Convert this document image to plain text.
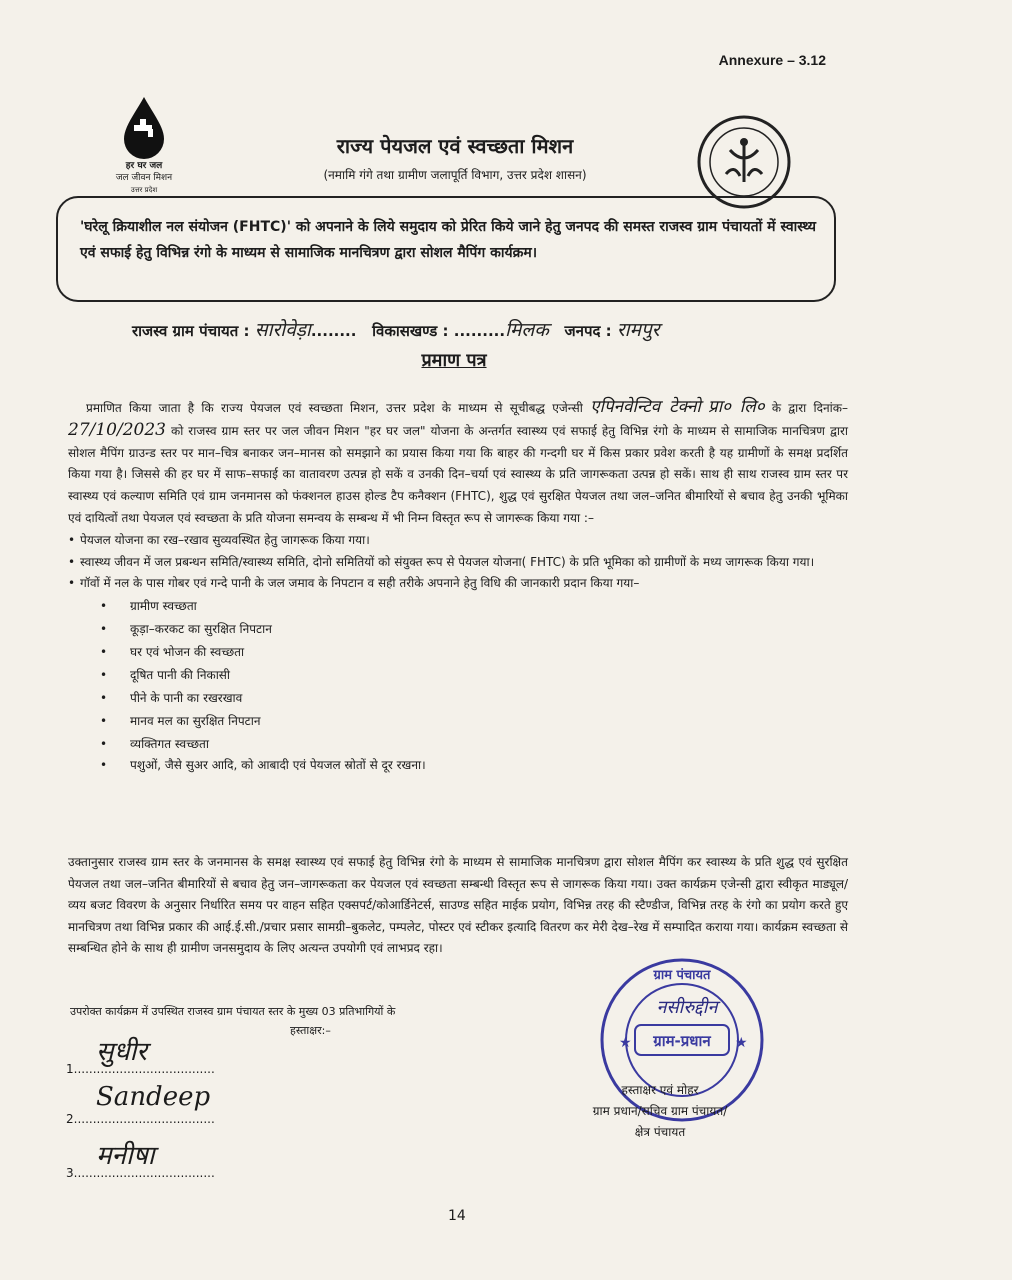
Annexure – 3.12
हर घर जल
जल जीवन मिशन
उत्तर प्रदेश
राज्य पेयजल एवं स्वच्छता मिशन
(नमामि गंगे तथा ग्रामीण जलापूर्ति विभाग, उत्तर प्रदेश शासन)
'घरेलू क्रियाशील नल संयोजन (FHTC)' को अपनाने के लिये समुदाय को प्रेरित किये जाने हेतु जनपद की समस्त राजस्व ग्राम पंचायतों में स्वास्थ्य एवं सफाई हेतु विभिन्न रंगो के माध्यम से सामाजिक मानचित्रण द्वारा सोशल मैपिंग कार्यक्रम।
राजस्व ग्राम पंचायत : सारोवेड़ा........ विकासखण्ड : .........मिलक जनपद : रामपुर
प्रमाण पत्र

प्रमाणित किया जाता है कि राज्य पेयजल एवं स्वच्छता मिशन, उत्तर प्रदेश के माध्यम से सूचीबद्ध एजेन्सी एपिनवेन्टिव टेक्नो प्रा० लि० के द्वारा दिनांक–27/10/2023 को राजस्व ग्राम स्तर पर जल जीवन मिशन "हर घर जल" योजना के अन्तर्गत स्वास्थ्य एवं सफाई हेतु विभिन्न रंगो के माध्यम से सामाजिक मानचित्रण द्वारा सोशल मैपिंग ग्राउन्ड स्तर पर मान–चित्र बनाकर जन–मानस को समझाने का प्रयास किया गया कि बाहर की गन्दगी घर में किस प्रकार प्रवेश करती है यह ग्रामीणों के समक्ष प्रदर्शित किया गया है। जिससे की हर घर में साफ–सफाई का वातावरण उत्पन्न हो सकें व उनकी दिन–चर्या एवं स्वास्थ्य के प्रति जागरूकता उत्पन्न हो सकें। साथ ही साथ राजस्व ग्राम स्तर पर स्वास्थ्य एवं कल्याण समिति एवं ग्राम जनमानस को फंक्शनल हाउस होल्ड टैप कनैक्शन (FHTC), शुद्ध एवं सुरक्षित पेयजल तथा जल–जनित बीमारियों से बचाव हेतु उनकी भूमिका एवं दायित्वों तथा पेयजल एवं स्वच्छता के प्रति योजना समन्वय के सम्बन्ध में भी निम्न विस्तृत रूप से जागरूक किया गया :–

• पेयजल योजना का रख–रखाव सुव्यवस्थित हेतु जागरूक किया गया।
• स्वास्थ्य जीवन में जल प्रबन्धन समिति/स्वास्थ्य समिति, दोनो समितियों को संयुक्त रूप से पेयजल योजना( FHTC) के प्रति भूमिका को ग्रामीणों के मध्य जागरूक किया गया।
• गॉवों में नल के पास गोबर एवं गन्दे पानी के जल जमाव के निपटान व सही तरीके अपनाने हेतु विधि की जानकारी प्रदान किया गया–
• ग्रामीण स्वच्छता
• कूड़ा–करकट का सुरक्षित निपटान
• घर एवं भोजन की स्वच्छता
• दूषित पानी की निकासी
• पीने के पानी का रखरखाव
• मानव मल का सुरक्षित निपटान
• व्यक्तिगत स्वच्छता
• पशुओं, जैसे सुअर आदि, को आबादी एवं पेयजल स्रोतों से दूर रखना।
उक्तानुसार राजस्व ग्राम स्तर के जनमानस के समक्ष स्वास्थ्य एवं सफाई हेतु विभिन्न रंगो के माध्यम से सामाजिक मानचित्रण द्वारा सोशल मैपिंग कर स्वास्थ्य के प्रति शुद्ध एवं सुरक्षित पेयजल तथा जल–जनित बीमारियों से बचाव हेतु जन–जागरूकता कर पेयजल एवं स्वच्छता सम्बन्धी विस्तृत रूप से जागरूक किया गया। उक्त कार्यक्रम एजेन्सी द्वारा स्वीकृत माड्यूल/व्यय बजट विवरण के अनुसार निर्धारित समय पर वाहन सहित एक्सपर्ट/कोआर्डिनेटर्स, साउण्ड सहित माईक प्रयोग, विभिन्न तरह की स्टैण्डीज, विभिन्न तरह के रंगो का प्रयोग करते हुए मानचित्रण तथा विभिन्न प्रकार की आई.ई.सी./प्रचार प्रसार सामग्री–बुकलेट, पम्पलेट, पोस्टर एवं स्टीकर इत्यादि वितरण कर मेरी देख–रेख में सम्पादित कराया गया। कार्यक्रम स्वच्छता से सम्बन्धित होने के साथ ही ग्रामीण जनसमुदाय के लिए अत्यन्त उपयोगी एवं लाभप्रद रहा।
उपरोक्त कार्यक्रम में उपस्थित राजस्व ग्राम पंचायत स्तर के मुख्य 03 प्रतिभागियों के
हस्ताक्षर:–
1.....................................
सुधीर
2.....................................
Sandeep
3.....................................
मनीषा
ग्राम-प्रधान
ग्राम पंचायत
नसीरुद्दीन
★	★
हस्ताक्षर एवं मोहर
ग्राम प्रधान/सचिव ग्राम पंचायत/
क्षेत्र पंचायत
14
